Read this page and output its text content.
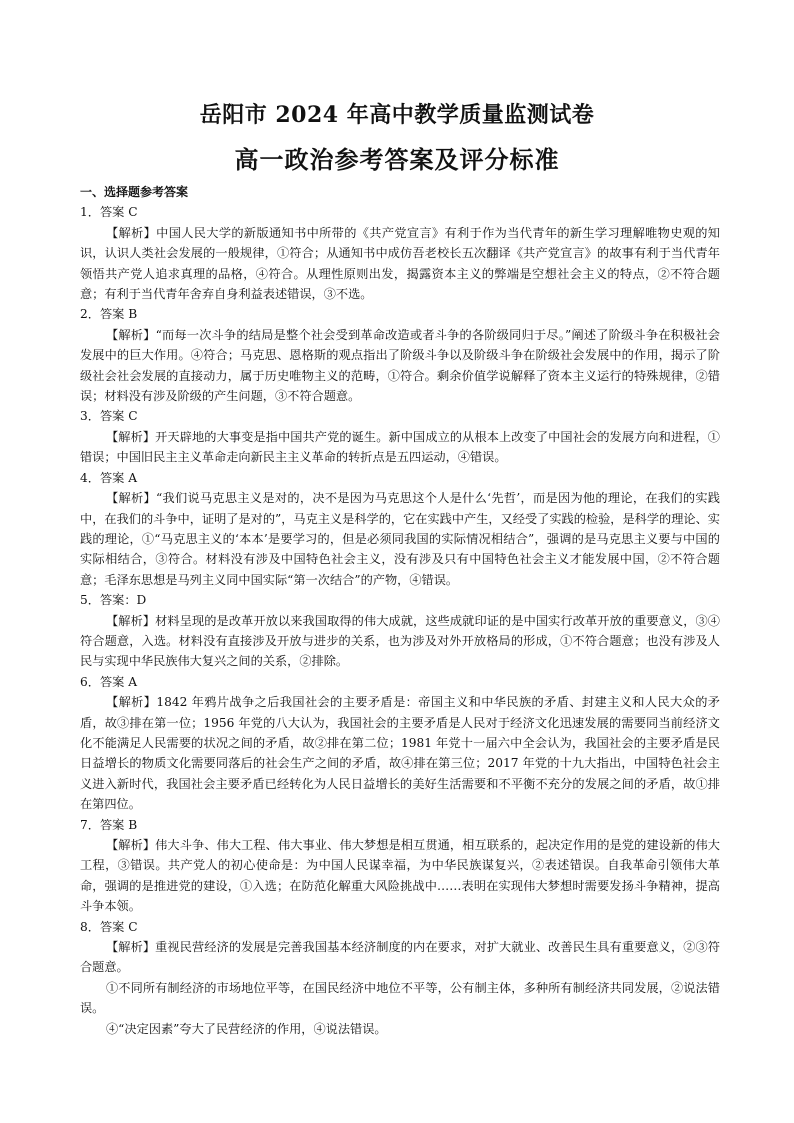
岳阳市 2024 年高中教学质量监测试卷
高一政治参考答案及评分标准

一、选择题参考答案

1．答案 C

【解析】中国人民大学的新版通知书中所带的《共产党宣言》有利于作为当代青年的新生学习理解唯物史观的知识，认识人类社会发展的一般规律，①符合；从通知书中成仿吾老校长五次翻译《共产党宣言》的故事有利于当代青年领悟共产党人追求真理的品格，④符合。从理性原则出发，揭露资本主义的弊端是空想社会主义的特点，②不符合题意；有利于当代青年舍弃自身利益表述错误，③不选。

2．答案 B

【解析】“而每一次斗争的结局是整个社会受到革命改造或者斗争的各阶级同归于尽。”阐述了阶级斗争在积极社会发展中的巨大作用。④符合；马克思、恩格斯的观点指出了阶级斗争以及阶级斗争在阶级社会发展中的作用，揭示了阶级社会社会发展的直接动力，属于历史唯物主义的范畴，①符合。剩余价值学说解释了资本主义运行的特殊规律，②错误；材料没有涉及阶级的产生问题，③不符合题意。

3．答案 C

【解析】开天辟地的大事变是指中国共产党的诞生。新中国成立的从根本上改变了中国社会的发展方向和进程，①错误；中国旧民主主义革命走向新民主主义革命的转折点是五四运动，④错误。

4．答案 A

【解析】“我们说马克思主义是对的，决不是因为马克思这个人是什么‘先哲’，而是因为他的理论，在我们的实践中，在我们的斗争中，证明了是对的”，马克主义是科学的，它在实践中产生，又经受了实践的检验，是科学的理论、实践的理论，①“马克思主义的‘本本’是要学习的，但是必须同我国的实际情况相结合”，强调的是马克思主义要与中国的实际相结合，③符合。材料没有涉及中国特色社会主义，没有涉及只有中国特色社会主义才能发展中国，②不符合题意；毛泽东思想是马列主义同中国实际“第一次结合”的产物，④错误。

5．答案：D

【解析】材料呈现的是改革开放以来我国取得的伟大成就，这些成就印证的是中国实行改革开放的重要意义，③④符合题意，入选。材料没有直接涉及开放与进步的关系，也为涉及对外开放格局的形成，①不符合题意；也没有涉及人民与实现中华民族伟大复兴之间的关系，②排除。

6．答案 A

【解析】1842 年鸦片战争之后我国社会的主要矛盾是：帝国主义和中华民族的矛盾、封建主义和人民大众的矛盾，故③排在第一位；1956 年党的八大认为，我国社会的主要矛盾是人民对于经济文化迅速发展的需要同当前经济文化不能满足人民需要的状况之间的矛盾，故②排在第二位；1981 年党十一届六中全会认为，我国社会的主要矛盾是民日益增长的物质文化需要同落后的社会生产之间的矛盾，故④排在第三位；2017 年党的十九大指出，中国特色社会主义进入新时代，我国社会主要矛盾已经转化为人民日益增长的美好生活需要和不平衡不充分的发展之间的矛盾，故①排在第四位。

7．答案 B

【解析】伟大斗争、伟大工程、伟大事业、伟大梦想是相互贯通，相互联系的，起决定作用的是党的建设新的伟大工程，③错误。共产党人的初心使命是：为中国人民谋幸福，为中华民族谋复兴，②表述错误。自我革命引领伟大革命，强调的是推进党的建设，①入选；在防范化解重大风险挑战中……表明在实现伟大梦想时需要发扬斗争精神，提高斗争本领。

8．答案 C

【解析】重视民营经济的发展是完善我国基本经济制度的内在要求，对扩大就业、改善民生具有重要意义，②③符合题意。

①不同所有制经济的市场地位平等，在国民经济中地位不平等，公有制主体，多种所有制经济共同发展，②说法错误。

④“决定因素”夸大了民营经济的作用，④说法错误。
